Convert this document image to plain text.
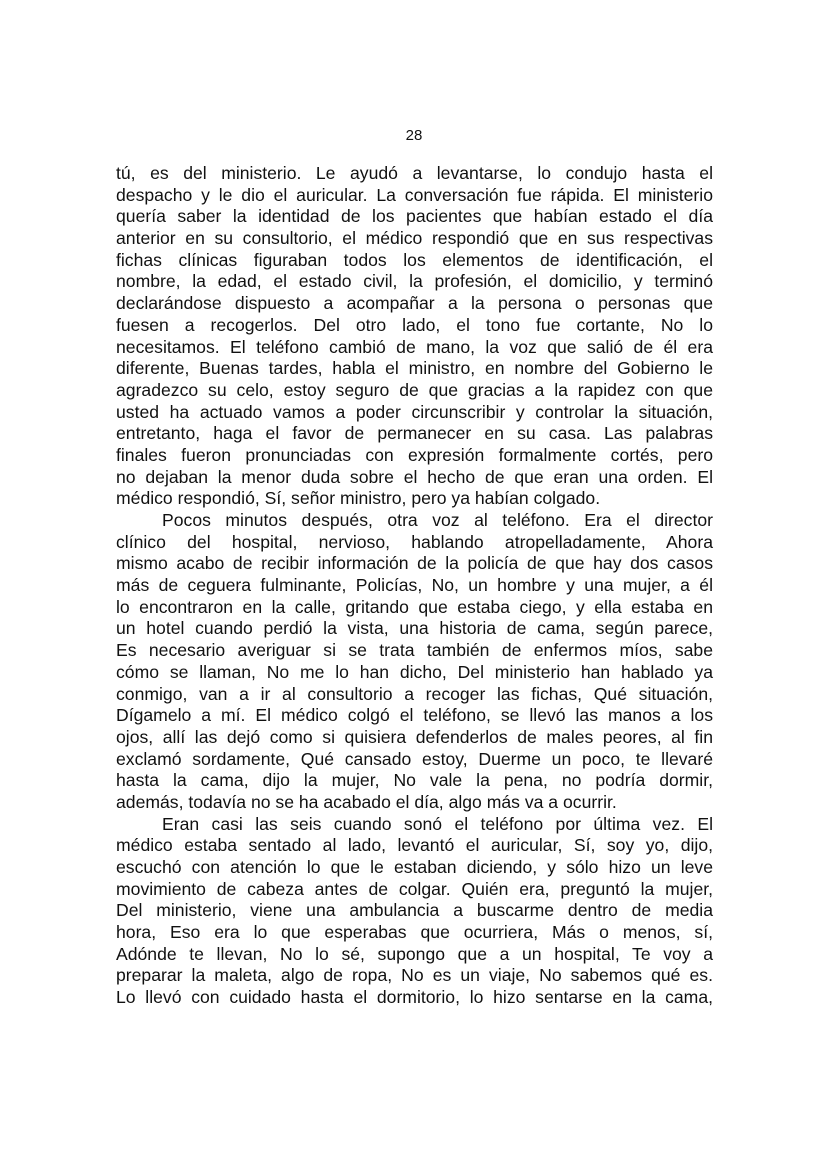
28
tú, es del ministerio. Le ayudó a levantarse, lo condujo hasta el
despacho y le dio el auricular. La conversación fue rápida. El ministerio
quería saber la identidad de los pacientes que habían estado el día
anterior en su consultorio, el médico respondió que en sus respectivas
fichas clínicas figuraban todos los elementos de identificación, el
nombre, la edad, el estado civil, la profesión, el domicilio, y terminó
declarándose dispuesto a acompañar a la persona o personas que
fuesen a recogerlos. Del otro lado, el tono fue cortante, No lo
necesitamos. El teléfono cambió de mano, la voz que salió de él era
diferente, Buenas tardes, habla el ministro, en nombre del Gobierno le
agradezco su celo, estoy seguro de que gracias a la rapidez con que
usted ha actuado vamos a poder circunscribir y controlar la situación,
entretanto, haga el favor de permanecer en su casa. Las palabras
finales fueron pronunciadas con expresión formalmente cortés, pero
no dejaban la menor duda sobre el hecho de que eran una orden. El
médico respondió, Sí, señor ministro, pero ya habían colgado.
Pocos minutos después, otra voz al teléfono. Era el director
clínico del hospital, nervioso, hablando atropelladamente, Ahora
mismo acabo de recibir información de la policía de que hay dos casos
más de ceguera fulminante, Policías, No, un hombre y una mujer, a él
lo encontraron en la calle, gritando que estaba ciego, y ella estaba en
un hotel cuando perdió la vista, una historia de cama, según parece,
Es necesario averiguar si se trata también de enfermos míos, sabe
cómo se llaman, No me lo han dicho, Del ministerio han hablado ya
conmigo, van a ir al consultorio a recoger las fichas, Qué situación,
Dígamelo a mí. El médico colgó el teléfono, se llevó las manos a los
ojos, allí las dejó como si quisiera defenderlos de males peores, al fin
exclamó sordamente, Qué cansado estoy, Duerme un poco, te llevaré
hasta la cama, dijo la mujer, No vale la pena, no podría dormir,
además, todavía no se ha acabado el día, algo más va a ocurrir.
Eran casi las seis cuando sonó el teléfono por última vez. El
médico estaba sentado al lado, levantó el auricular, Sí, soy yo, dijo,
escuchó con atención lo que le estaban diciendo, y sólo hizo un leve
movimiento de cabeza antes de colgar. Quién era, preguntó la mujer,
Del ministerio, viene una ambulancia a buscarme dentro de media
hora, Eso era lo que esperabas que ocurriera, Más o menos, sí,
Adónde te llevan, No lo sé, supongo que a un hospital, Te voy a
preparar la maleta, algo de ropa, No es un viaje, No sabemos qué es.
Lo llevó con cuidado hasta el dormitorio, lo hizo sentarse en la cama,
